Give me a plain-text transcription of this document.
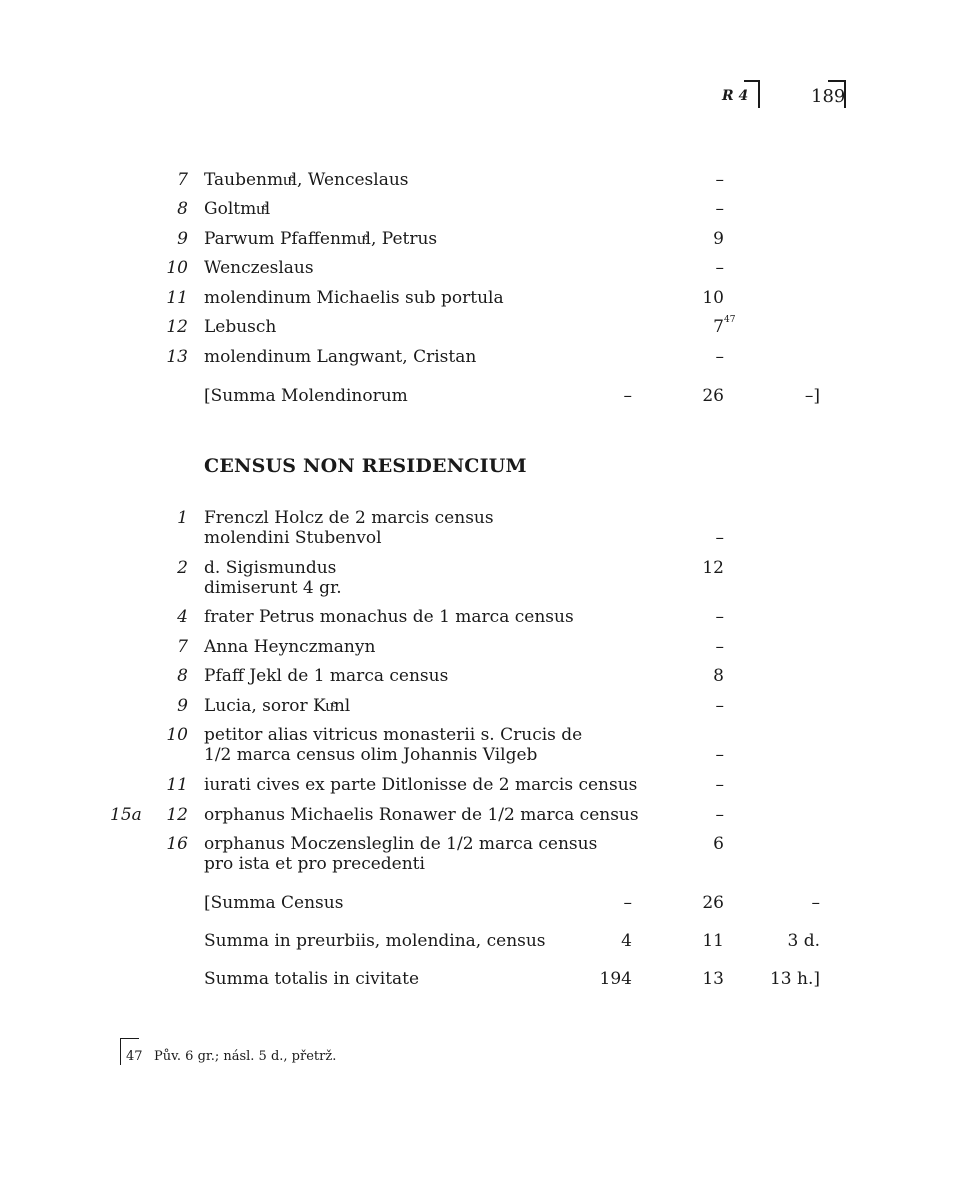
R 4	189
7 Taubenmuͤl, Wenceslaus	–
8 Goltmuͤl	–
9 Parwum Pfaffenmuͤl, Petrus	9
10 Wenczeslaus	–
11 molendinum Michaelis sub portula	10
12 Lebusch	7 47
13 molendinum Langwant, Cristan	–
[Summa Molendinorum	–	26	–]
CENSUS NON RESIDENCIUM
1 Frenczl Holcz de 2 marcis census
molendini Stubenvol	–
2 d. Sigismundus	12
dimiserunt 4 gr.
4 frater Petrus monachus de 1 marca census	–
7 Anna Heynczmanyn	–
8 Pfaff Jekl de 1 marca census	8
9 Lucia, soror Kuͤnl	–
10 petitor alias vitricus monasterii s. Crucis de
1/2 marca census olim Johannis Vilgeb	–
11 iurati cives ex parte Ditlonisse de 2 marcis census	–
15a	12 orphanus Michaelis Ronawer de 1/2 marca census	–
16 orphanus Moczensleglin de 1/2 marca census	6
pro ista et pro precedenti
[Summa Census	–	26	–
Summa in preurbiis, molendina, census	4	11	3 d.
Summa totalis in civitate	194	13	13 h.]
47 Pův. 6 gr.; násl. 5 d., přetrž.
